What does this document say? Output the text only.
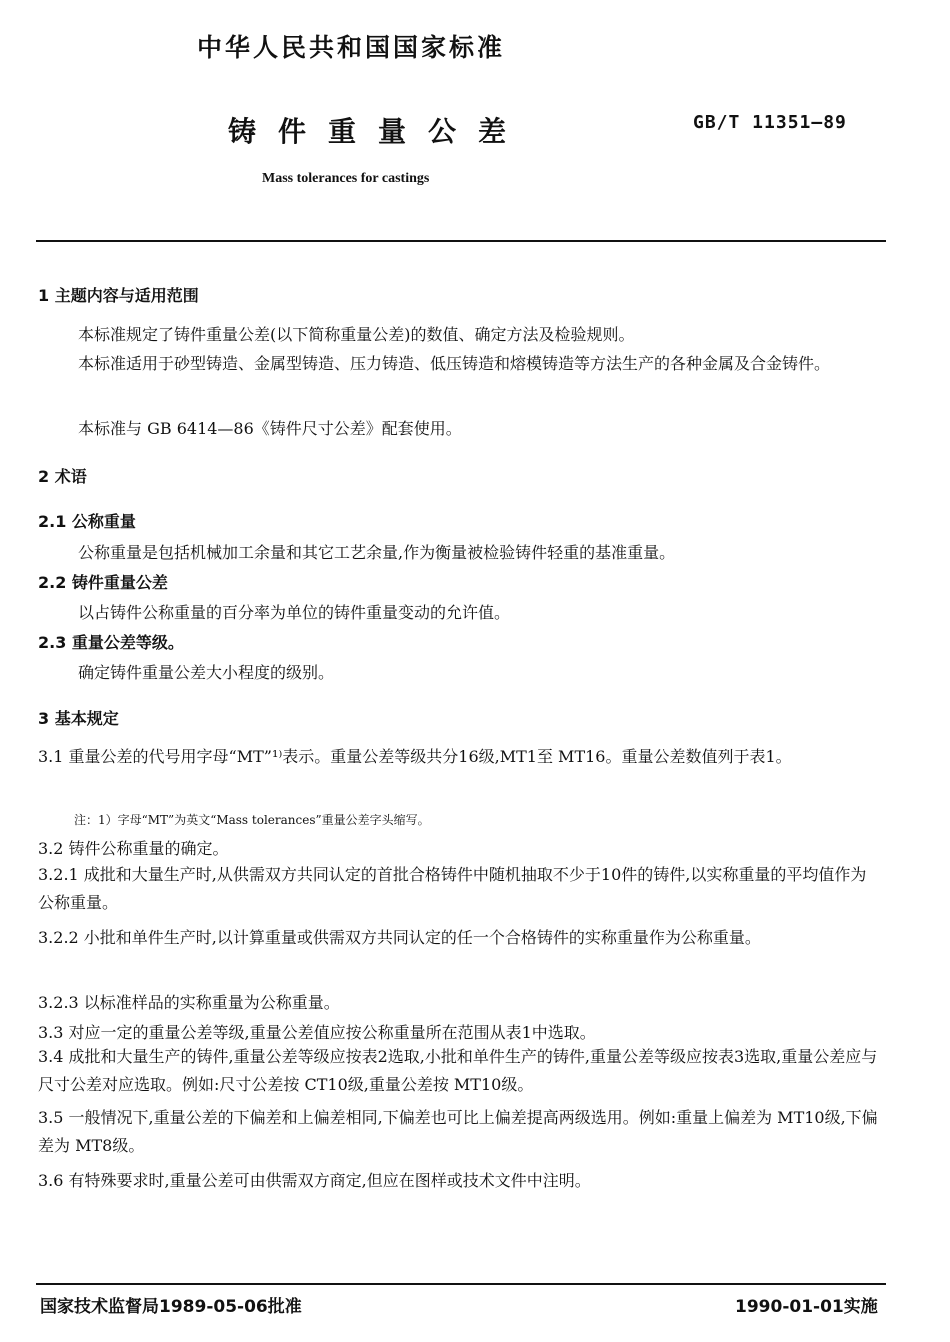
中华人民共和国国家标准
铸件重量公差	GB/T 11351—89
Mass tolerances for castings
1 主题内容与适用范围
本标准规定了铸件重量公差(以下简称重量公差)的数值、确定方法及检验规则。
本标准适用于砂型铸造、金属型铸造、压力铸造、低压铸造和熔模铸造等方法生产的各种金属及合金铸件。
本标准与 GB 6414—86《铸件尺寸公差》配套使用。
2 术语
2.1 公称重量
公称重量是包括机械加工余量和其它工艺余量,作为衡量被检验铸件轻重的基准重量。
2.2 铸件重量公差
以占铸件公称重量的百分率为单位的铸件重量变动的允许值。
2.3 重量公差等级。
确定铸件重量公差大小程度的级别。
3 基本规定
3.1 重量公差的代号用字母“MT”¹⁾表示。重量公差等级共分16级,MT1至 MT16。重量公差数值列于表1。
注：1）字母“MT”为英文“Mass tolerances”重量公差字头缩写。
3.2 铸件公称重量的确定。
3.2.1 成批和大量生产时,从供需双方共同认定的首批合格铸件中随机抽取不少于10件的铸件,以实称重量的平均值作为公称重量。
3.2.2 小批和单件生产时,以计算重量或供需双方共同认定的任一个合格铸件的实称重量作为公称重量。
3.2.3 以标准样品的实称重量为公称重量。
3.3 对应一定的重量公差等级,重量公差值应按公称重量所在范围从表1中选取。
3.4 成批和大量生产的铸件,重量公差等级应按表2选取,小批和单件生产的铸件,重量公差等级应按表3选取,重量公差应与尺寸公差对应选取。例如:尺寸公差按 CT10级,重量公差按 MT10级。
3.5 一般情况下,重量公差的下偏差和上偏差相同,下偏差也可比上偏差提高两级选用。例如:重量上偏差为 MT10级,下偏差为 MT8级。
3.6 有特殊要求时,重量公差可由供需双方商定,但应在图样或技术文件中注明。
国家技术监督局1989-05-06批准	1990-01-01实施
